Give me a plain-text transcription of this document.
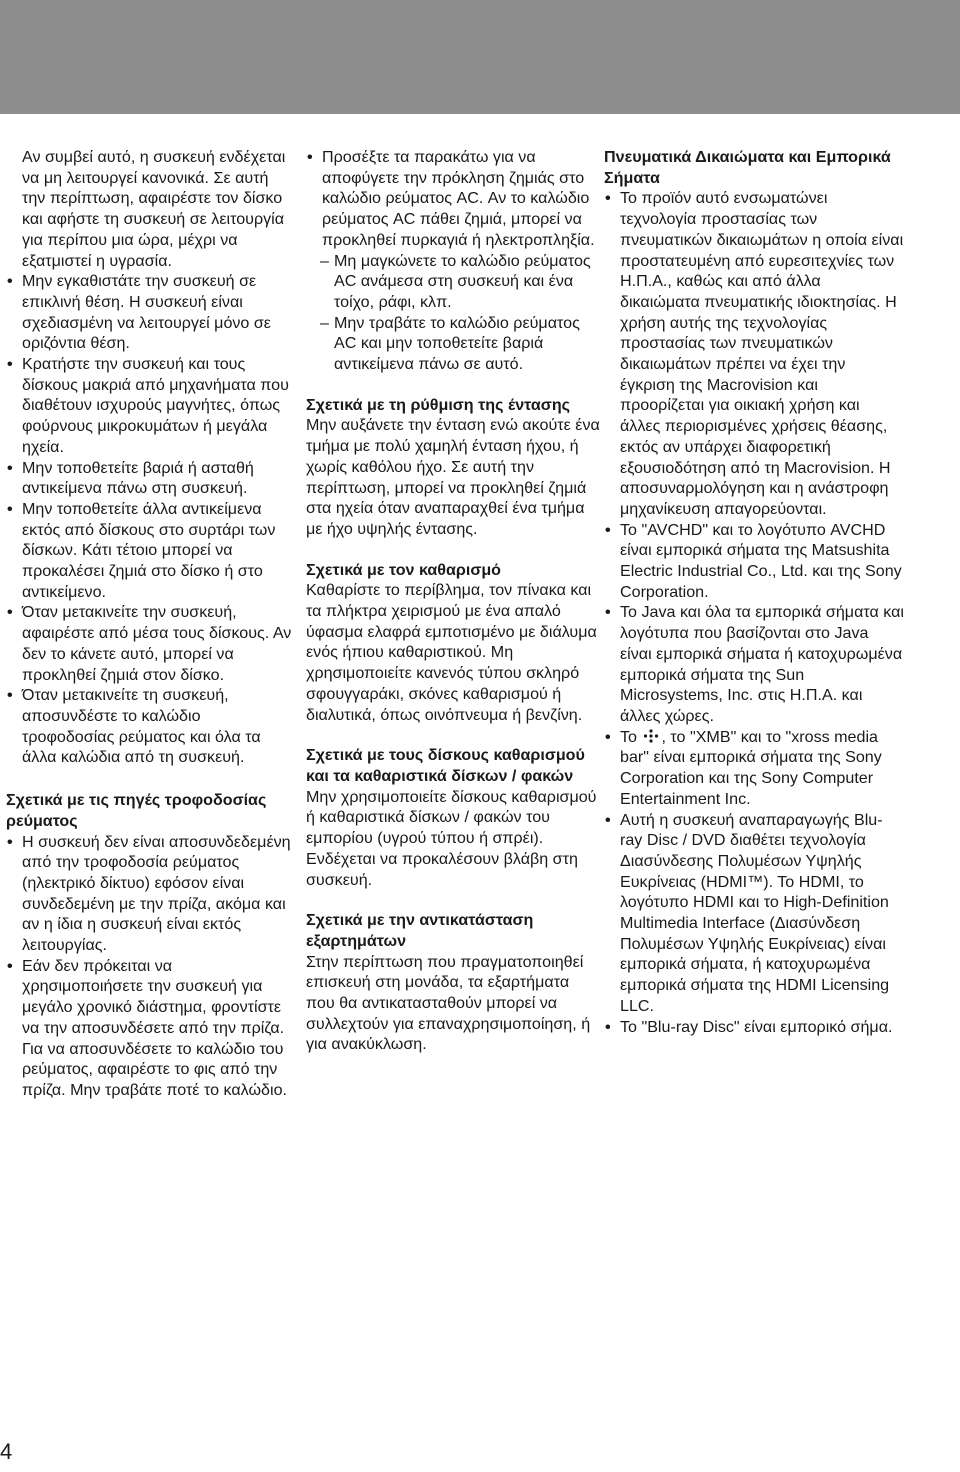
Αν συμβεί αυτό, η συσκευή ενδέχεται να μη λειτουργεί κανονικά. Σε αυτή την περίπτωση, αφαιρέστε τον δίσκο και αφήστε τη συσκευή σε λειτουργία για περίπου μια ώρα, μέχρι να εξατμιστεί η υγρασία.
• Μην εγκαθιστάτε την συσκευή σε επικλινή θέση. Η συσκευή είναι σχεδιασμένη να λειτουργεί μόνο σε οριζόντια θέση.
• Κρατήστε την συσκευή και τους δίσκους μακριά από μηχανήματα που διαθέτουν ισχυρούς μαγνήτες, όπως φούρνους μικροκυμάτων ή μεγάλα ηχεία.
• Μην τοποθετείτε βαριά ή ασταθή αντικείμενα πάνω στη συσκευή.
• Μην τοποθετείτε άλλα αντικείμενα εκτός από δίσκους στο συρτάρι των δίσκων. Κάτι τέτοιο μπορεί να προκαλέσει ζημιά στο δίσκο ή στο αντικείμενο.
• Όταν μετακινείτε την συσκευή, αφαιρέστε από μέσα τους δίσκους. Αν δεν το κάνετε αυτό, μπορεί να προκληθεί ζημιά στον δίσκο.
• Όταν μετακινείτε τη συσκευή, αποσυνδέστε το καλώδιο τροφοδοσίας ρεύματος και όλα τα άλλα καλώδια από τη συσκευή.
Σχετικά με τις πηγές τροφοδοσίας ρεύματος
• Η συσκευή δεν είναι αποσυνδεδεμένη από την τροφοδοσία ρεύματος (ηλεκτρικό δίκτυο) εφόσον είναι συνδεδεμένη με την πρίζα, ακόμα και αν η ίδια η συσκευή είναι εκτός λειτουργίας.
• Εάν δεν πρόκειται να χρησιμοποιήσετε την συσκευή για μεγάλο χρονικό διάστημα, φροντίστε να την αποσυνδέσετε από την πρίζα. Για να αποσυνδέσετε το καλώδιο του ρεύματος, αφαιρέστε το φις από την πρίζα. Μην τραβάτε ποτέ το καλώδιο.
• Προσέξτε τα παρακάτω για να αποφύγετε την πρόκληση ζημιάς στο καλώδιο ρεύματος AC. Αν το καλώδιο ρεύματος AC πάθει ζημιά, μπορεί να προκληθεί πυρκαγιά ή ηλεκτροπληξία.
– Μη μαγκώνετε το καλώδιο ρεύματος AC ανάμεσα στη συσκευή και ένα τοίχο, ράφι, κλπ.
– Μην τραβάτε το καλώδιο ρεύματος AC και μην τοποθετείτε βαριά αντικείμενα πάνω σε αυτό.
Σχετικά με τη ρύθμιση της έντασης
Μην αυξάνετε την ένταση ενώ ακούτε ένα τμήμα με πολύ χαμηλή ένταση ήχου, ή χωρίς καθόλου ήχο. Σε αυτή την περίπτωση, μπορεί να προκληθεί ζημιά στα ηχεία όταν αναπαραχθεί ένα τμήμα με ήχο υψηλής έντασης.
Σχετικά με τον καθαρισμό
Καθαρίστε το περίβλημα, τον πίνακα και τα πλήκτρα χειρισμού με ένα απαλό ύφασμα ελαφρά εμποτισμένο με διάλυμα ενός ήπιου καθαριστικού. Μη χρησιμοποιείτε κανενός τύπου σκληρό σφουγγαράκι, σκόνες καθαρισμού ή διαλυτικά, όπως οινόπνευμα ή βενζίνη.
Σχετικά με τους δίσκους καθαρισμού και τα καθαριστικά δίσκων / φακών
Μην χρησιμοποιείτε δίσκους καθαρισμού ή καθαριστικά δίσκων / φακών του εμπορίου (υγρού τύπου ή σπρέι). Ενδέχεται να προκαλέσουν βλάβη στη συσκευή.
Σχετικά με την αντικατάσταση εξαρτημάτων
Στην περίπτωση που πραγματοποιηθεί επισκευή στη μονάδα, τα εξαρτήματα που θα αντικατασταθούν μπορεί να συλλεχτούν για επαναχρησιμοποίηση, ή για ανακύκλωση.
Πνευματικά Δικαιώματα και Εμπορικά Σήματα
• Το προϊόν αυτό ενσωματώνει τεχνολογία προστασίας των πνευματικών δικαιωμάτων η οποία είναι προστατευμένη από ευρεσιτεχνίες των Η.Π.Α., καθώς και από άλλα δικαιώματα πνευματικής ιδιοκτησίας. Η χρήση αυτής της τεχνολογίας προστασίας των πνευματικών δικαιωμάτων πρέπει να έχει την έγκριση της Macrovision και προορίζεται για οικιακή χρήση και άλλες περιορισμένες χρήσεις θέασης, εκτός αν υπάρχει διαφορετική εξουσιοδότηση από τη Macrovision. Η αποσυναρμολόγηση και η ανάστροφη μηχανίκευση απαγορεύονται.
• Το "AVCHD" και το λογότυπο AVCHD είναι εμπορικά σήματα της Matsushita Electric Industrial Co., Ltd. και της Sony Corporation.
• Το Java και όλα τα εμπορικά σήματα και λογότυπα που βασίζονται στο Java είναι εμπορικά σήματα ή κατοχυρωμένα εμπορικά σήματα της Sun Microsystems, Inc. στις Η.Π.Α. και άλλες χώρες.
• Το , το "XMB" και το "xross media bar" είναι εμπορικά σήματα της Sony Corporation και της Sony Computer Entertainment Inc.
• Αυτή η συσκευή αναπαραγωγής Blu-ray Disc / DVD διαθέτει τεχνολογία Διασύνδεσης Πολυμέσων Υψηλής Ευκρίνειας (HDMI™). Το HDMI, το λογότυπο HDMI και το High-Definition Multimedia Interface (Διασύνδεση Πολυμέσων Υψηλής Ευκρίνειας) είναι εμπορικά σήματα, ή κατοχυρωμένα εμπορικά σήματα της HDMI Licensing LLC.
• Το "Blu-ray Disc" είναι εμπορικό σήμα.
4
